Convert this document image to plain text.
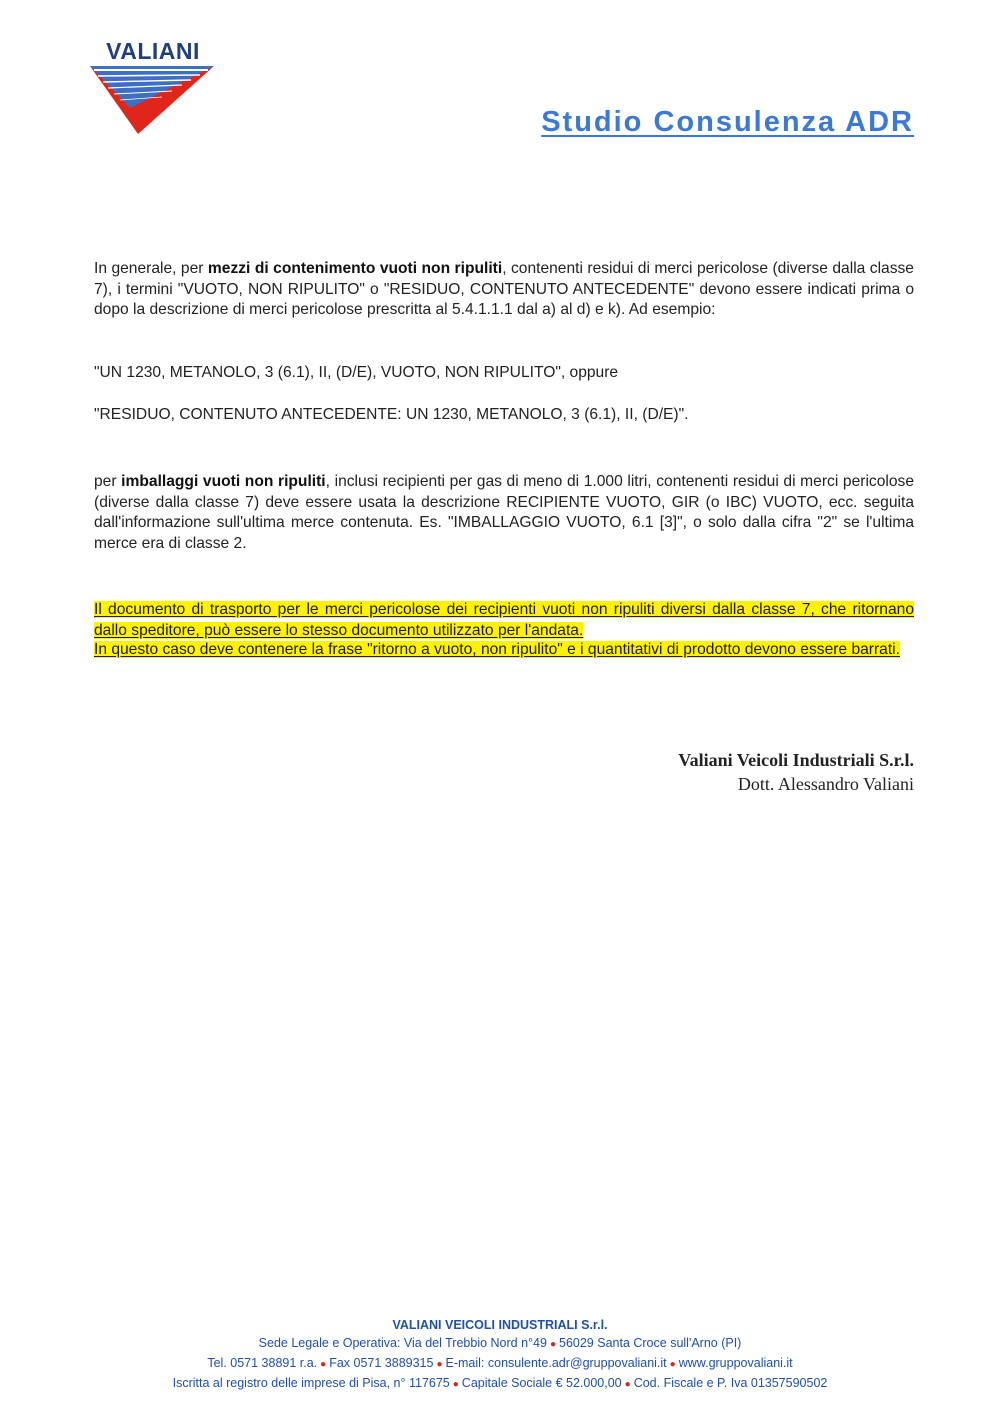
VALIANI
Studio Consulenza ADR

In generale, per mezzi di contenimento vuoti non ripuliti, contenenti residui di merci pericolose (diverse dalla classe 7), i termini "VUOTO, NON RIPULITO" o "RESIDUO, CONTENUTO ANTECEDENTE" devono essere indicati prima o dopo la descrizione di merci pericolose prescritta al 5.4.1.1.1 dal a) al d) e k). Ad esempio:

"UN 1230, METANOLO, 3 (6.1), II, (D/E), VUOTO, NON RIPULITO", oppure

"RESIDUO, CONTENUTO ANTECEDENTE: UN 1230, METANOLO, 3 (6.1), II, (D/E)".

per imballaggi vuoti non ripuliti, inclusi recipienti per gas di meno di 1.000 litri, contenenti residui di merci pericolose (diverse dalla classe 7) deve essere usata la descrizione RECIPIENTE VUOTO, GIR (o IBC) VUOTO, ecc. seguita dall'informazione sull'ultima merce contenuta. Es. "IMBALLAGGIO VUOTO, 6.1 [3]", o solo dalla cifra "2" se l'ultima merce era di classe 2.

Il documento di trasporto per le merci pericolose dei recipienti vuoti non ripuliti diversi dalla classe 7, che ritornano dallo speditore, può essere lo stesso documento utilizzato per l'andata.

In questo caso deve contenere la frase "ritorno a vuoto, non ripulito" e i quantitativi di prodotto devono essere barrati.

Valiani Veicoli Industriali S.r.l.
Dott. Alessandro Valiani
VALIANI VEICOLI INDUSTRIALI S.r.l.
Sede Legale e Operativa: Via del Trebbio Nord n°49 ● 56029 Santa Croce sull'Arno (PI)
Tel. 0571 38891 r.a. ● Fax 0571 3889315 ● E-mail: consulente.adr@gruppovaliani.it ● www.gruppovaliani.it
Iscritta al registro delle imprese di Pisa, n° 117675 ● Capitale Sociale € 52.000,00 ● Cod. Fiscale e P. Iva 01357590502
